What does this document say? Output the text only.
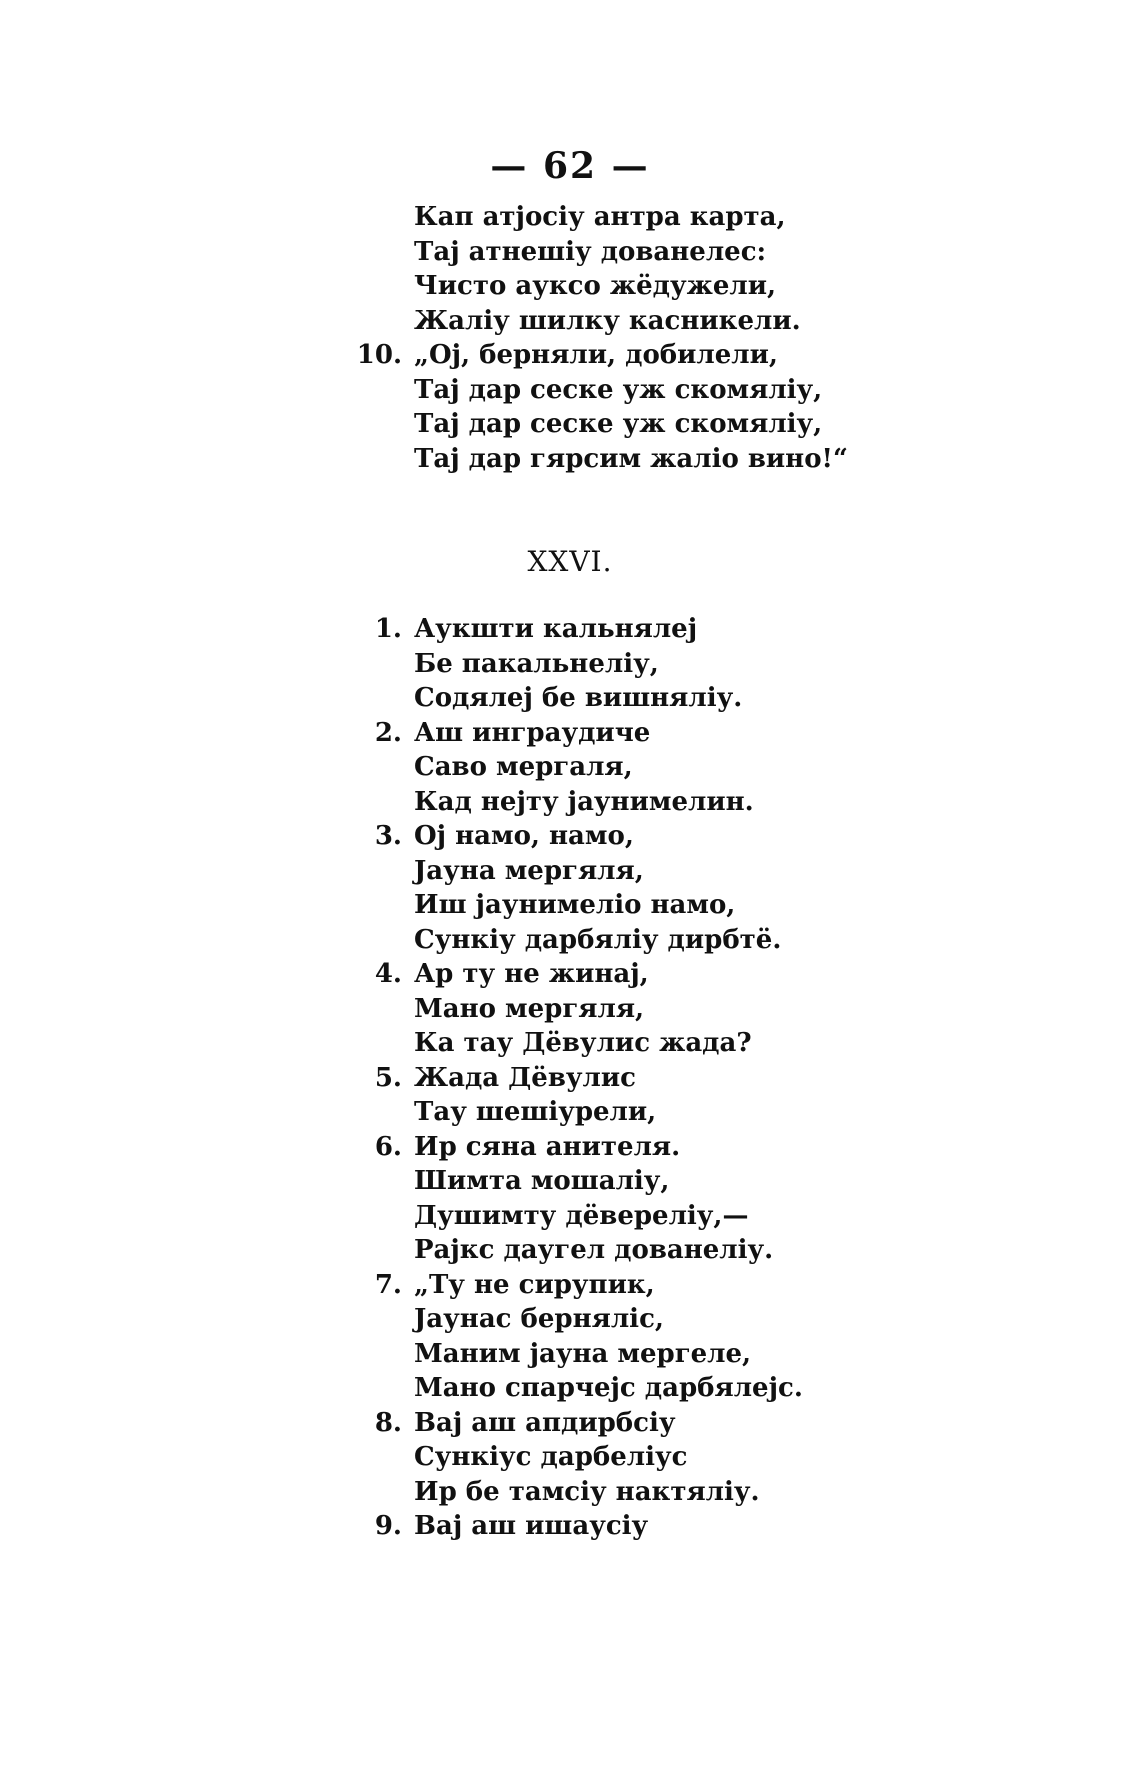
— 62 —
Кап атјосіу антра карта,
Тај атнешіу дованелес:
Чисто ауксо жёдужели,
Жаліу шилку касникели.
10. „Ој, берняли, добилели,
Тај дар сеске уж скомяліу,
Тај дар сеске уж скомяліу,
Тај дар гярсим жаліо вино!“
XXVI.
1. Аукшти кальнялеј
Бе пакальнеліу,
Содялеј бе вишняліу.
2. Аш инграудиче
Саво мергаля,
Кад нејту јаунимелин.
3. Ој намо, намо,
Јауна мергяля,
Иш јаунимеліо намо,
Сункіу дарбяліу дирбтё.
4. Ар ту не жинај,
Мано мергяля,
Ка тау Дёвулис жада?
5. Жада Дёвулис
Тау шешіурели,
6. Ир сяна анителя.
Шимта мошаліу,
Душимту дёвереліу,—
Рајкс даугел дованеліу.
7. „Ту не сирупик,
Јаунас берняліс,
Маним јауна мергеле,
Мано спарчејс дарбялејс.
8. Вај аш апдирбсіу
Сункіус дарбеліус
Ир бе тамсіу нактяліу.
9. Вај аш ишаусіу
